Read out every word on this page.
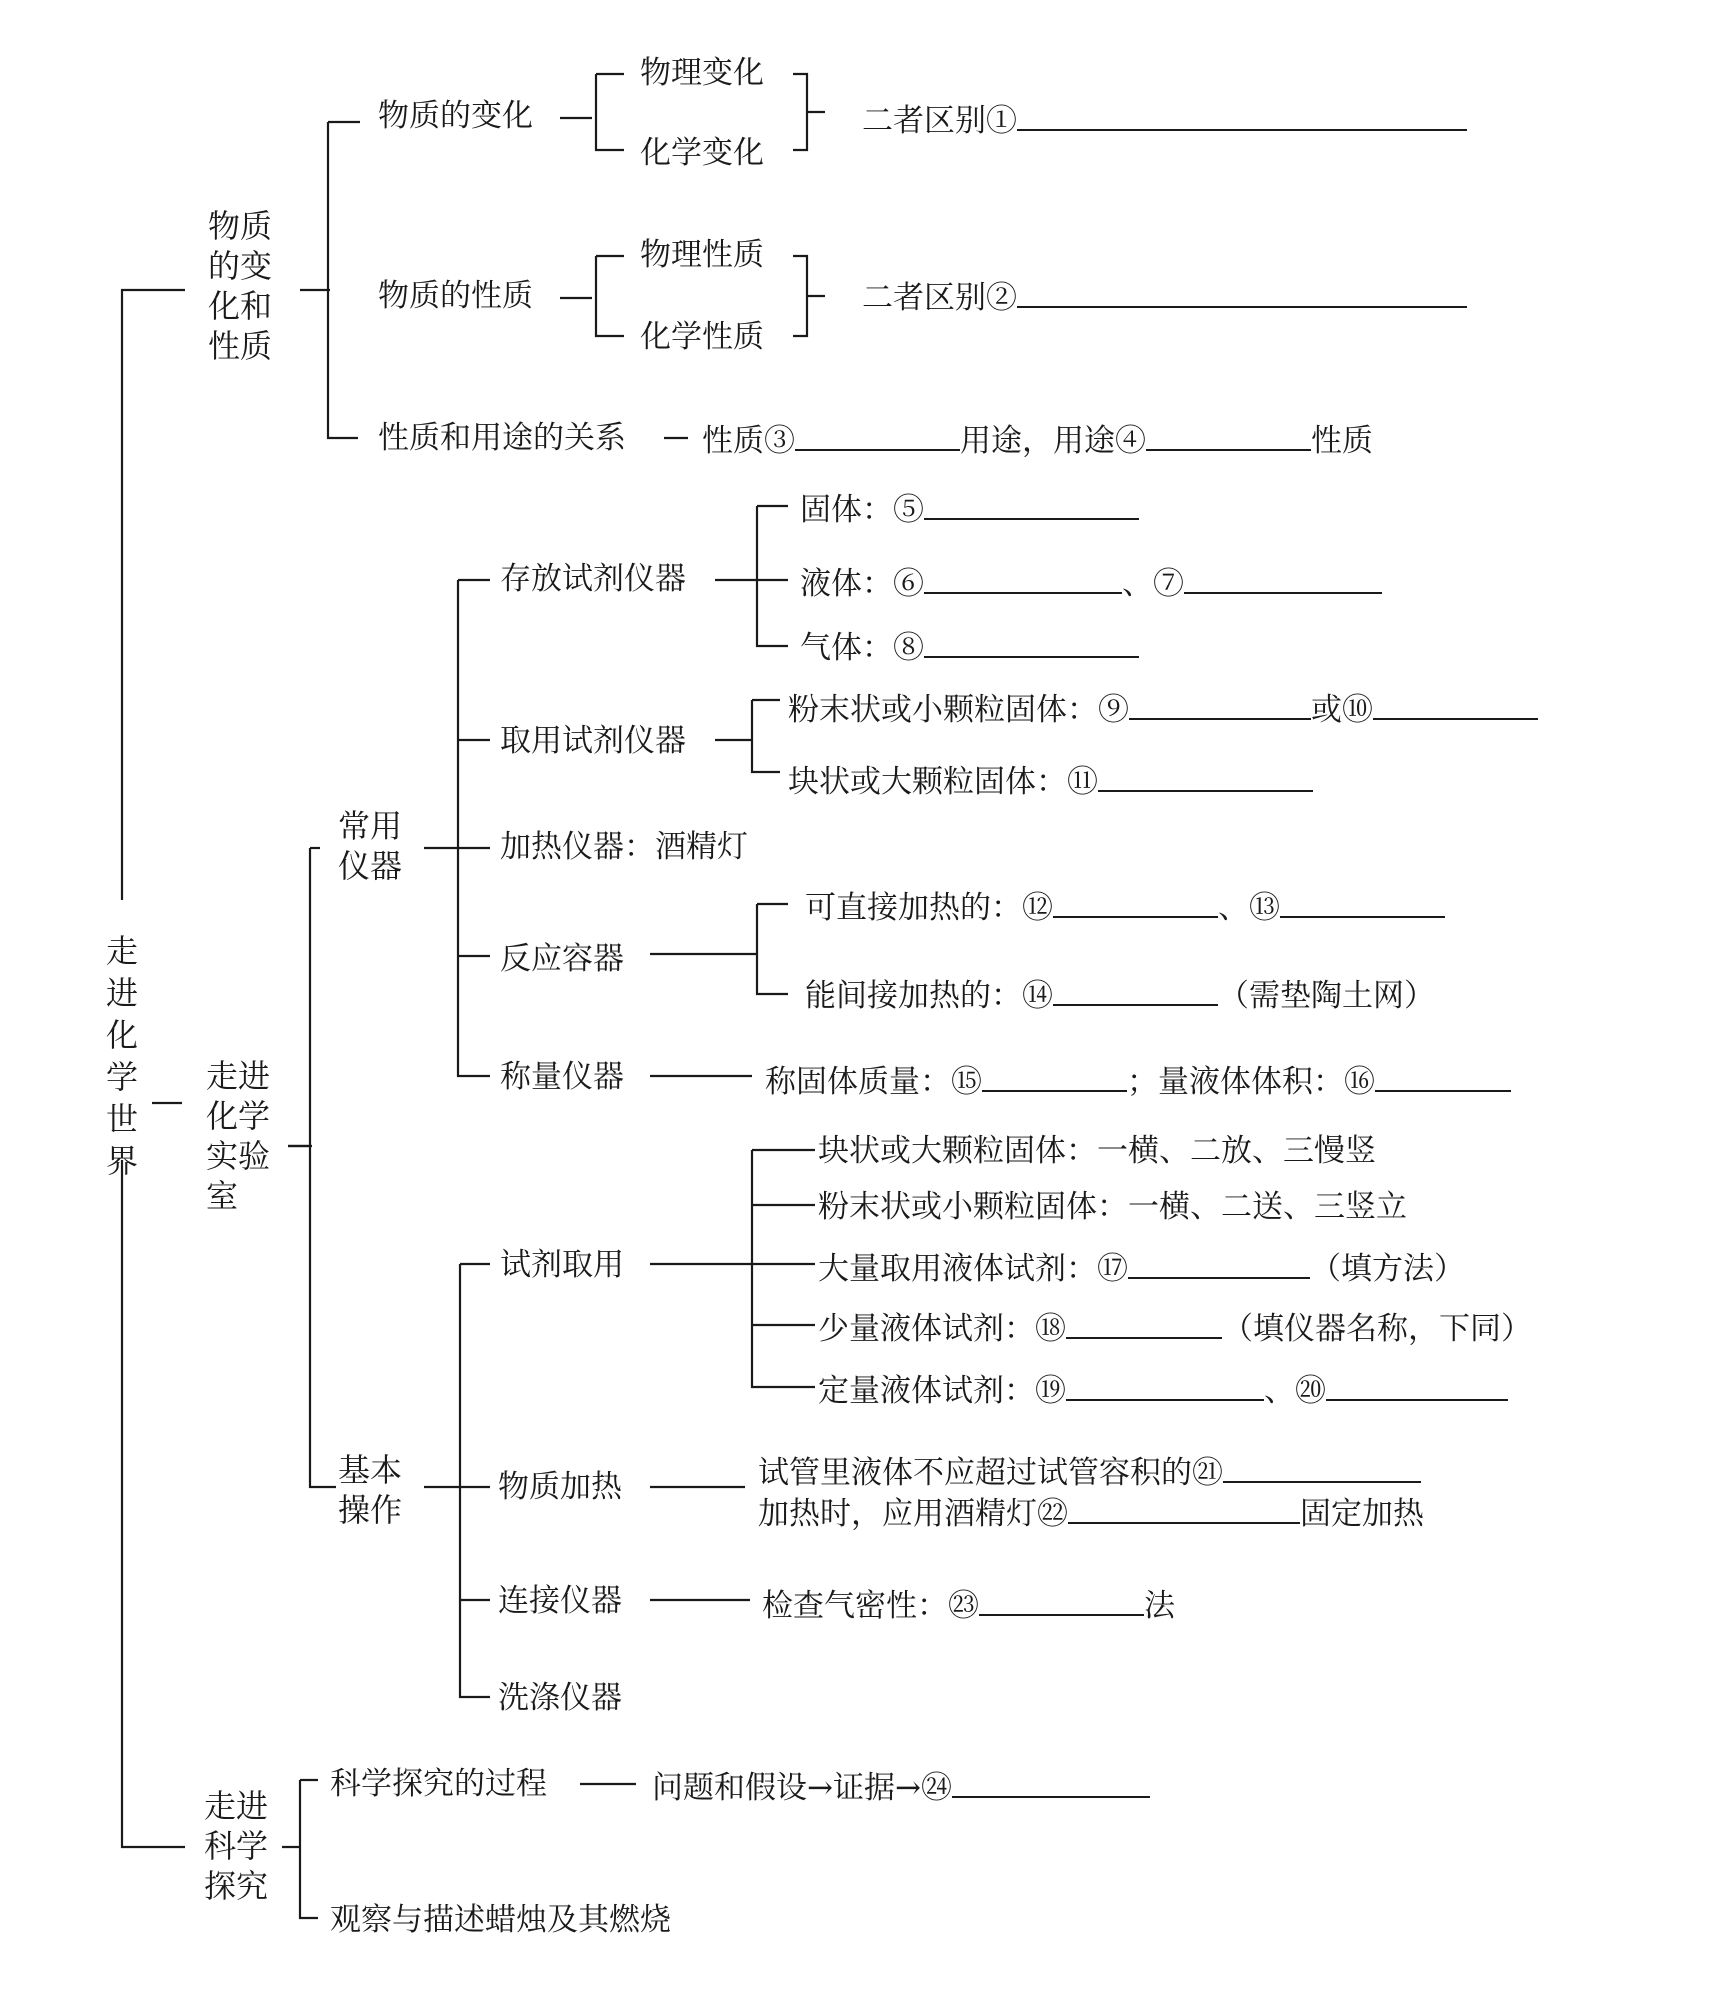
走进化学世界
物质的变化和性质
走进化学实验室
走进科学探究
物质的变化
物理变化
化学变化
二者区别①
物质的性质
物理性质
化学性质
二者区别②
性质和用途的关系 性质③	用途，用途④	性质
常用仪器
基本操作
存放试剂仪器
固体：⑤
液体：⑥	、⑦
气体：⑧
取用试剂仪器
粉末状或小颗粒固体：⑨	或⑩
块状或大颗粒固体：⑪
加热仪器：酒精灯
反应容器
可直接加热的：⑫	、⑬
能间接加热的：⑭	（需垫陶土网）
称量仪器	称固体质量：⑮	；量液体体积：⑯
试剂取用
块状或大颗粒固体：一横、二放、三慢竖
粉末状或小颗粒固体：一横、二送、三竖立
大量取用液体试剂：⑰	（填方法）
少量液体试剂：⑱	（填仪器名称，下同）
定量液体试剂：⑲	、⑳
物质加热	试管里液体不应超过试管容积的㉑
加热时，应用酒精灯㉒	固定加热
连接仪器	检查气密性：㉓	法
洗涤仪器
科学探究的过程	问题和假设→证据→㉔
观察与描述蜡烛及其燃烧
